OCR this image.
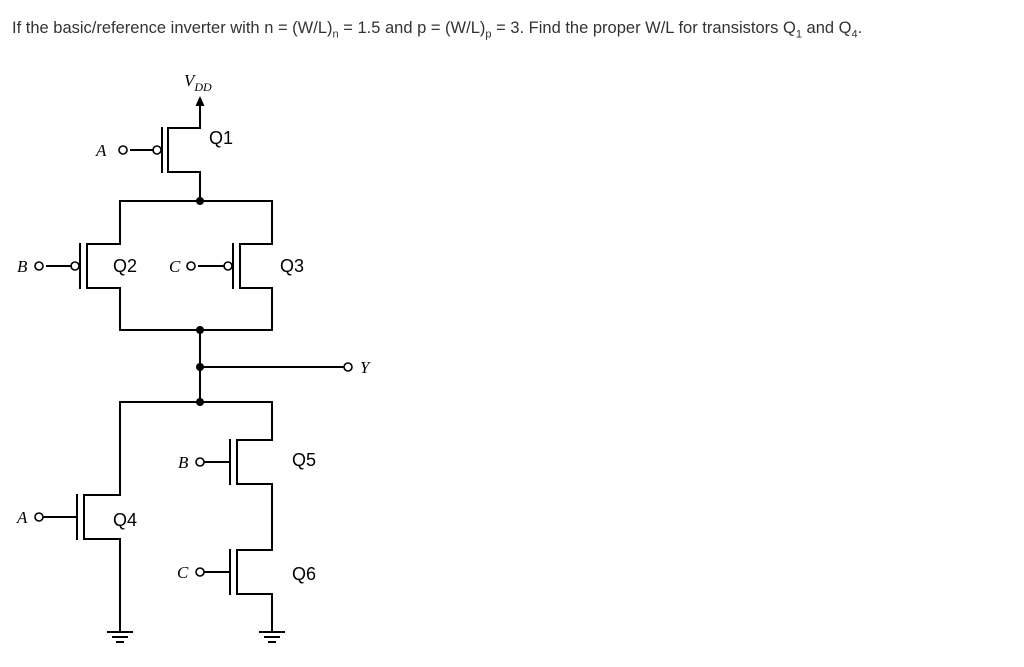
If the basic/reference inverter with $n = (W/L)_n = 1.5$ and $p = (W/L)_p = 3$. Find the proper W/L for transistors $Q_1$ and $Q_4$.
$V_{DD}$
A
Q1
B	Q2 C	Q3
Y
A	Q4
B	Q5
C	Q6
